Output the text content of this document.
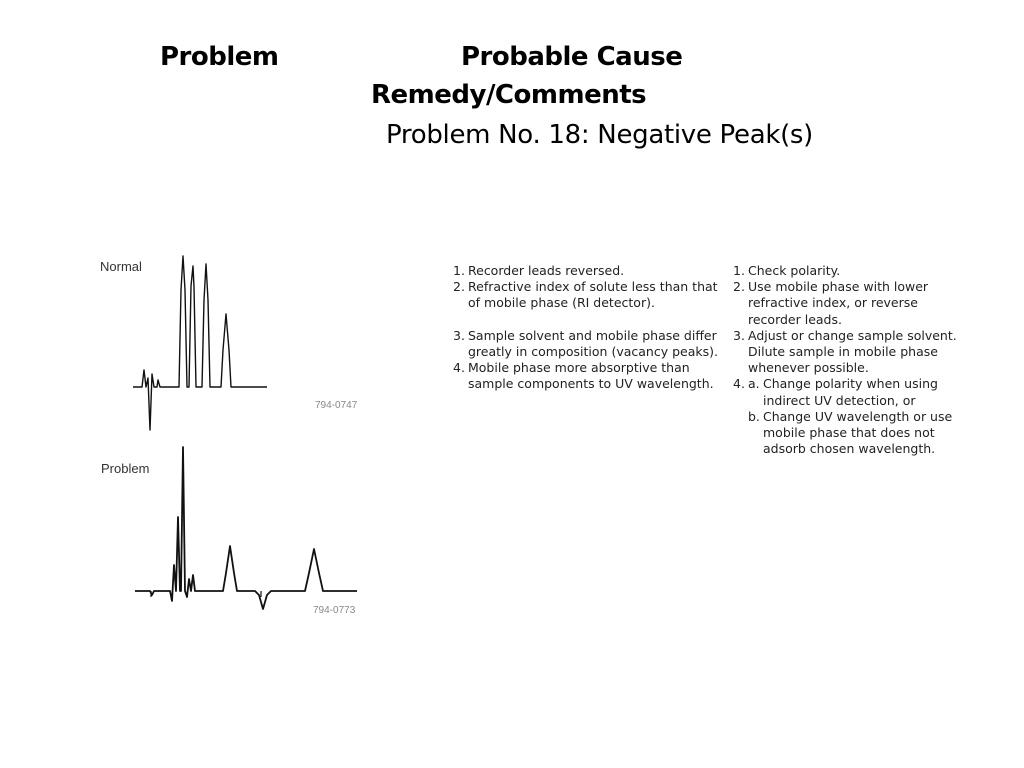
Problem	Probable Cause
Remedy/Comments
Problem No. 18: Negative Peak(s)
Normal
794-0747
Problem
794-0773
1. Recorder leads reversed.
2. Refractive index of solute less than that of mobile phase (RI detector).
3. Sample solvent and mobile phase differ greatly in composition (vacancy peaks).
4. Mobile phase more absorptive than sample components to UV wavelength.
1. Check polarity.
2. Use mobile phase with lower refractive index, or reverse recorder leads.
3. Adjust or change sample solvent. Dilute sample in mobile phase whenever possible.
4. a. Change polarity when using indirect UV detection, or
b. Change UV wavelength or use mobile phase that does not adsorb chosen wavelength.
